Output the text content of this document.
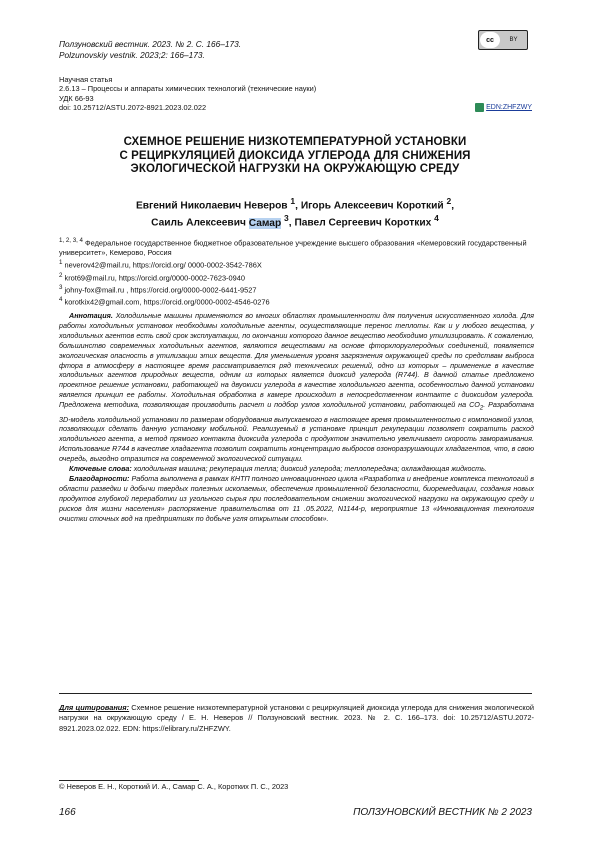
Ползуновский вестник. 2023. № 2. С. 166–173.
Polzunovskiy vestnik. 2023;2: 166–173.
cc	BY
Научная статья
2.6.13 – Процессы и аппараты химических технологий (технические науки)
УДК 66-93
doi: 10.25712/ASTU.2072-8921.2023.02.022	EDN:ZHFZWY
СХЕМНОЕ РЕШЕНИЕ НИЗКОТЕМПЕРАТУРНОЙ УСТАНОВКИ
С РЕЦИРКУЛЯЦИЕЙ ДИОКСИДА УГЛЕРОДА ДЛЯ СНИЖЕНИЯ
ЭКОЛОГИЧЕСКОЙ НАГРУЗКИ НА ОКРУЖАЮЩУЮ СРЕДУ
Евгений Николаевич Неверов $^1$, Игорь Алексеевич Короткий $^2$,
Саиль Алексеевич Самар $^3$, Павел Сергеевич Коротких $^4$

$^{1, 2, 3, 4}$ Федеральное государственное бюджетное образовательное учреждение высшего образования «Кемеровский государственный университет», Кемерово, Россия

$^1$ neverov42@mail.ru, https://orcid.org/ 0000-0002-3542-786X

$^2$ krot69@mail.ru, https://orcid.org/0000-0002-7623-0940

$^3$ johny-fox@mail.ru , https://orcid.org/0000-0002-6441-9527

$^4$ korotkix42@gmail.com, https://orcid.org/0000-0002-4546-0276

Аннотация. Холодильные машины применяются во многих областях промышленности для получения искусственного холода. Для работы холодильных установок необходимы холодильные агенты, осуществляющие перенос теплоты. Как и у любого вещества, у холодильных агентов есть свой срок эксплуатации, по окончании которого данное вещество необходимо утилизировать. К сожалению, большинство современных холодильных агентов, являются веществами на основе фторхлоруглеродных соединений, появляется экологическая опасность в утилизации этих веществ. Для уменьшения уровня загрязнения окружающей среды по средствам выброса фтора в атмосферу в настоящее время рассматривается ряд технических решений, одно из которых – применение в качестве холодильных агентов природных веществ, одним из которых является диоксид углерода (R744). В данной статье предложено проектное решение установки, работающей на двуокиси углерода в качестве холодильного агента, особенностью данной установки является принцип ее работы. Холодильная обработка в камере происходит в непосредственном контакте с диоксидом углерода. Предложена методика, позволяющая производить расчет и подбор узлов холодильной установки, работающей на $CO_2$. Разработана 3D-модель холодильной установки по размерам оборудования выпускаемого в настоящее время промышленностью с компоновкой узлов, позволяющих сделать данную установку мобильной. Реализуемый в установке принцип рекуперации позволяет сократить расход холодильного агента, а метод прямого контакта диоксида углерода с продуктом значительно увеличивает скорость замораживания. Использование R744 в качестве хладагента позволит сократить концентрацию выбросов озоноразрушающих хладагентов, что, в свою очередь, выгодно отразится на современной экологической ситуации.

Ключевые слова: холодильная машина; рекуперация тепла; диоксид углерода; теплопередача; охлаждающая жидкость.

Благодарности: Работа выполнена в рамках КНТП полного инновационного цикла «Разработка и внедрение комплекса технологий в области разведки и добычи твердых полезных ископаемых, обеспечения промышленной безопасности, биоремедиации, создания новых продуктов глубокой переработки из угольного сырья при последовательном снижении экологической нагрузки на окружающую среду и рисков для жизни населения» распоряжение правительства от 11 .05.2022, N1144-р, мероприятие 13 «Инновационная технология очистки сточных вод на предприятиях по добыче угля открытым способом».

Для цитирования: Схемное решение низкотемпературной установки с рециркуляцией диоксида углерода для снижения экологической нагрузки на окружающую среду / Е. Н. Неверов // Ползуновский вестник. 2023. № 2. С. 166–173. doi: 10.25712/ASTU.2072-8921.2023.02.022. EDN: https://elibrary.ru/ZHFZWY.
© Неверов Е. Н., Короткий И. А., Самар С. А., Коротких П. С., 2023
166	ПОЛЗУНОВСКИЙ ВЕСТНИК № 2 2023
